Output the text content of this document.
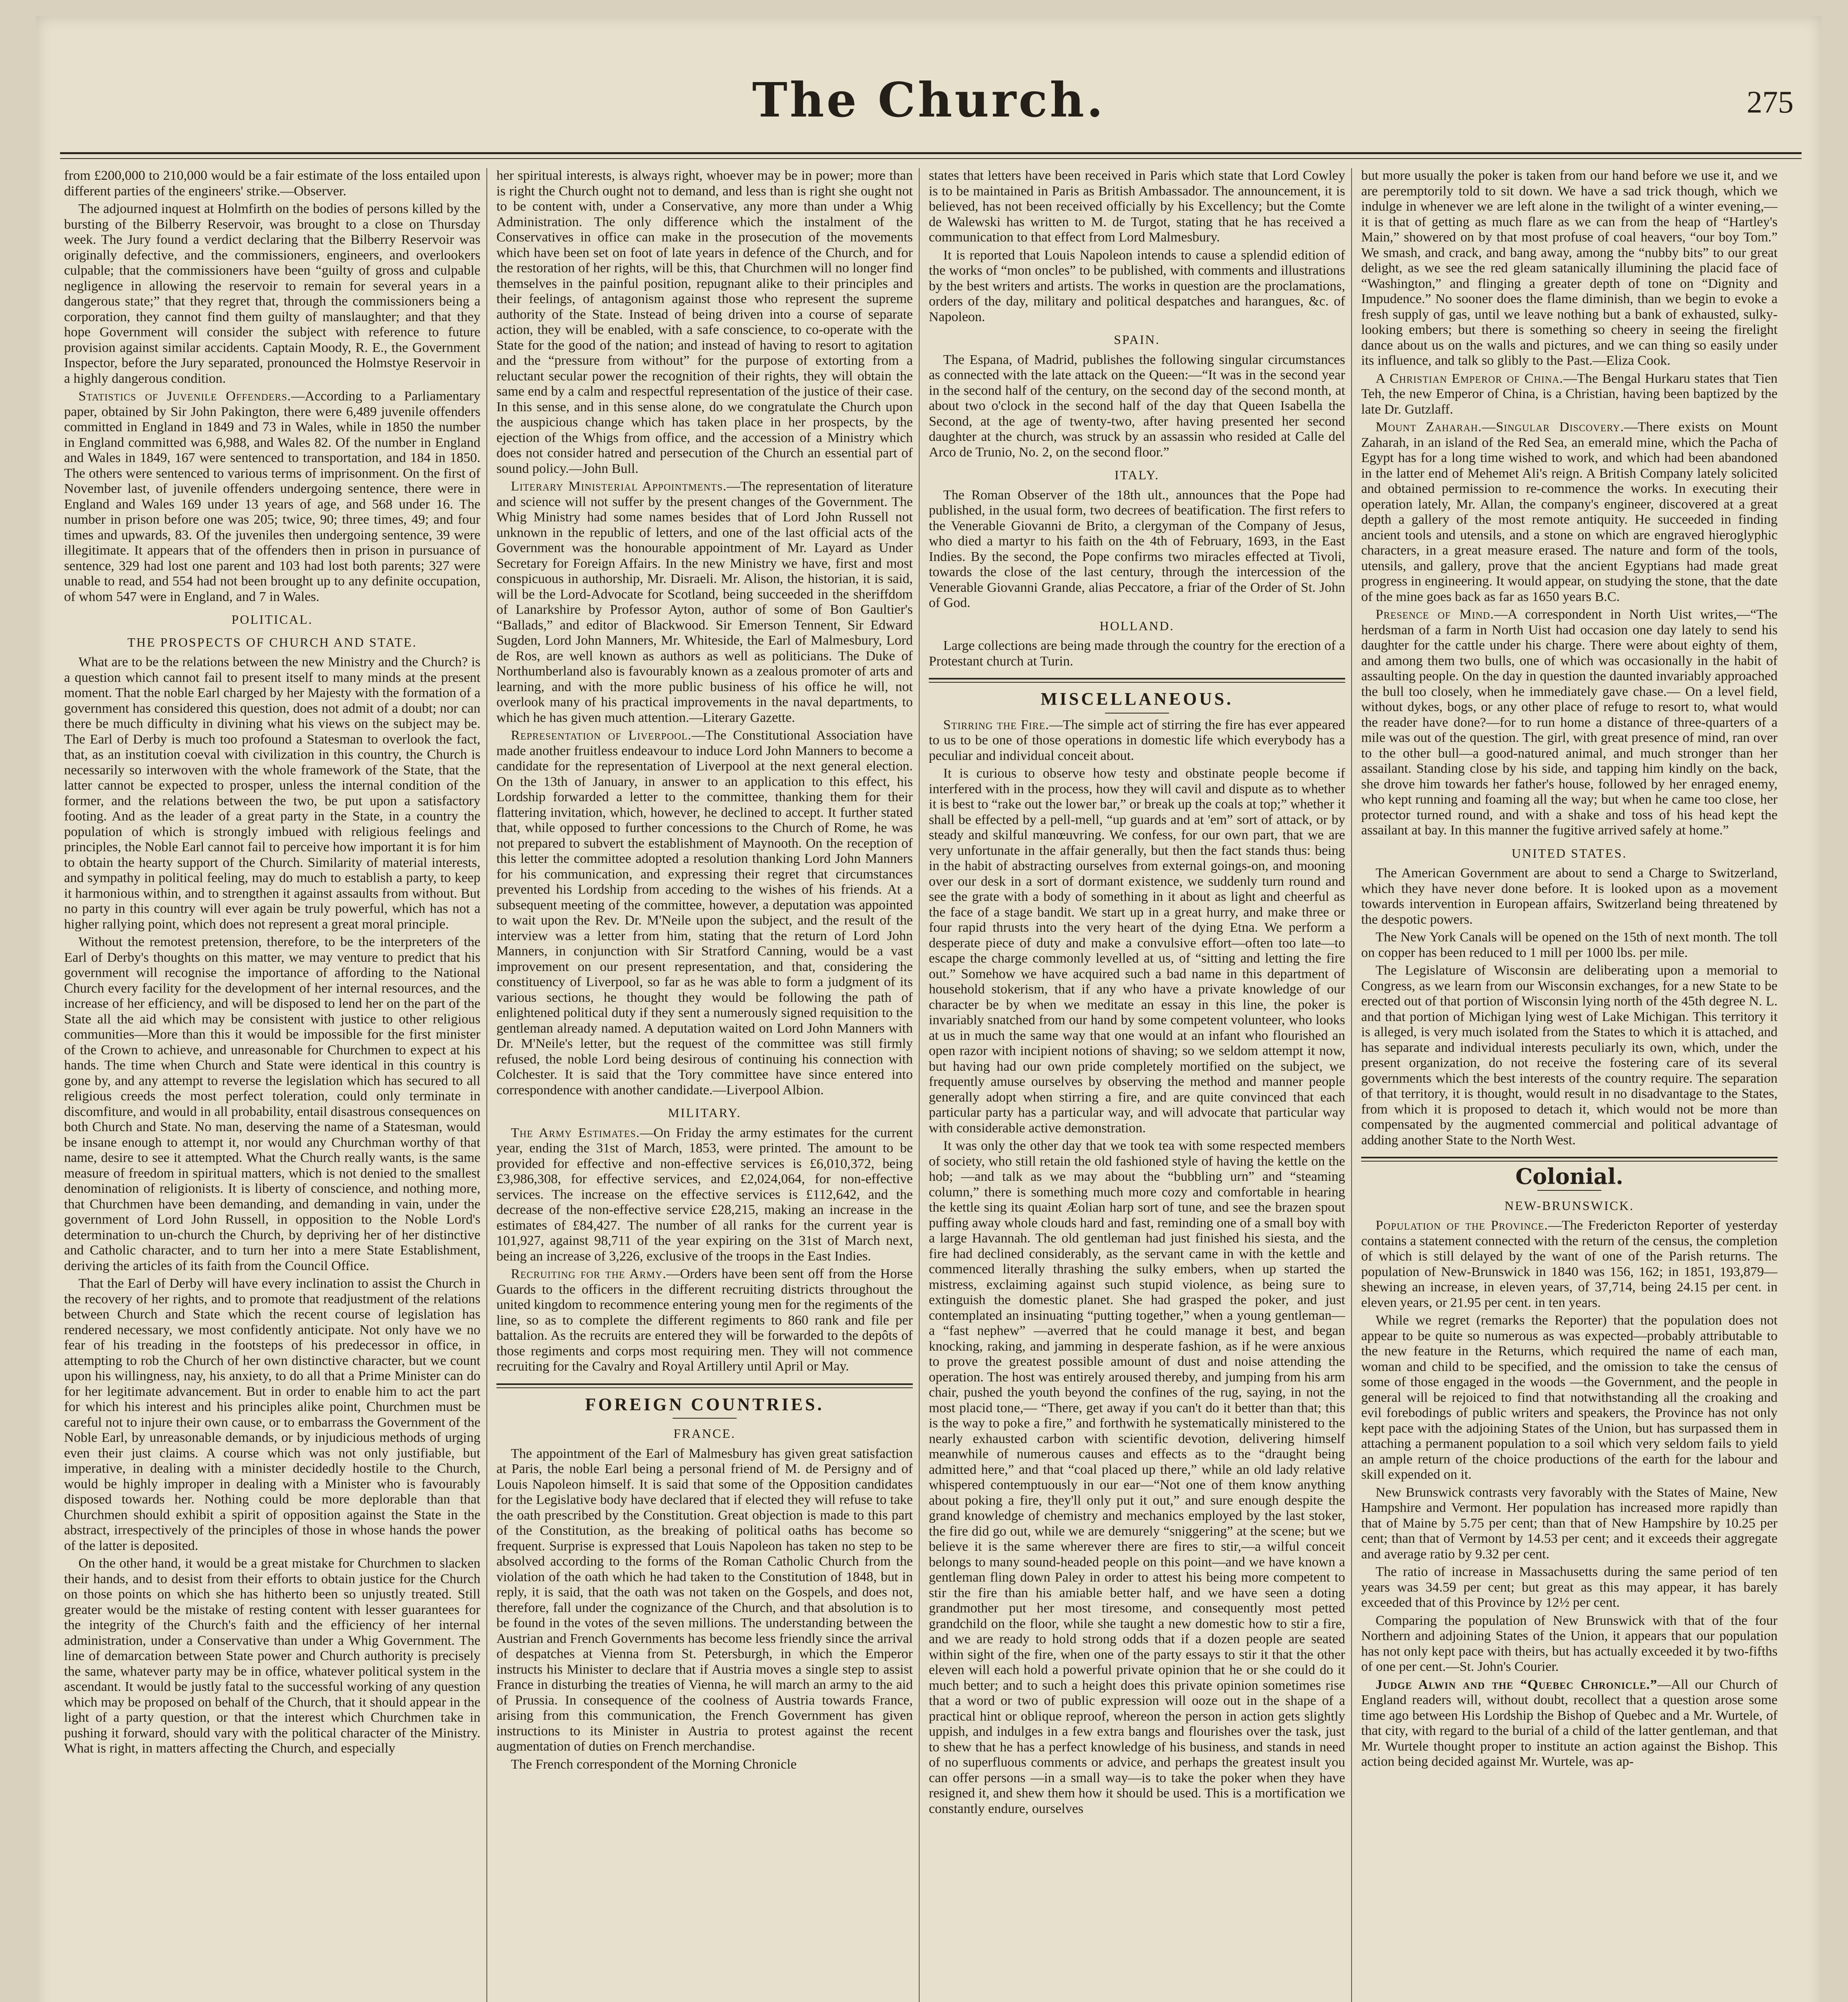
The Church.	275

from £200,000 to 210,000 would be a fair estimate of the loss entailed upon different parties of the engineers' strike.—Observer.

The adjourned inquest at Holmfirth on the bodies of persons killed by the bursting of the Bilberry Reservoir, was brought to a close on Thursday week. The Jury found a verdict declaring that the Bilberry Reservoir was originally defective, and the commissioners, engineers, and overlookers culpable; that the commissioners have been “guilty of gross and culpable negligence in allowing the reservoir to remain for several years in a dangerous state;” that they regret that, through the commissioners being a corporation, they cannot find them guilty of manslaughter; and that they hope Government will consider the subject with reference to future provision against similar accidents. Captain Moody, R. E., the Government Inspector, before the Jury separated, pronounced the Holmstye Reservoir in a highly dangerous condition.

Statistics of Juvenile Offenders.—According to a Parliamentary paper, obtained by Sir John Pakington, there were 6,489 juvenile offenders committed in England in 1849 and 73 in Wales, while in 1850 the number in England committed was 6,988, and Wales 82. Of the number in England and Wales in 1849, 167 were sentenced to transportation, and 184 in 1850. The others were sentenced to various terms of imprisonment. On the first of November last, of juvenile offenders undergoing sentence, there were in England and Wales 169 under 13 years of age, and 568 under 16. The number in prison before one was 205; twice, 90; three times, 49; and four times and upwards, 83. Of the juveniles then undergoing sentence, 39 were illegitimate. It appears that of the offenders then in prison in pursuance of sentence, 329 had lost one parent and 103 had lost both parents; 327 were unable to read, and 554 had not been brought up to any definite occupation, of whom 547 were in England, and 7 in Wales.

POLITICAL.
THE PROSPECTS OF CHURCH AND STATE.

What are to be the relations between the new Ministry and the Church? is a question which cannot fail to present itself to many minds at the present moment. That the noble Earl charged by her Majesty with the formation of a government has considered this question, does not admit of a doubt; nor can there be much difficulty in divining what his views on the subject may be. The Earl of Derby is much too profound a Statesman to overlook the fact, that, as an institution coeval with civilization in this country, the Church is necessarily so interwoven with the whole framework of the State, that the latter cannot be expected to prosper, unless the internal condition of the former, and the relations between the two, be put upon a satisfactory footing. And as the leader of a great party in the State, in a country the population of which is strongly imbued with religious feelings and principles, the Noble Earl cannot fail to perceive how important it is for him to obtain the hearty support of the Church. Similarity of material interests, and sympathy in political feeling, may do much to establish a party, to keep it harmonious within, and to strengthen it against assaults from without. But no party in this country will ever again be truly powerful, which has not a higher rallying point, which does not represent a great moral principle.

Without the remotest pretension, therefore, to be the interpreters of the Earl of Derby's thoughts on this matter, we may venture to predict that his government will recognise the importance of affording to the National Church every facility for the development of her internal resources, and the increase of her efficiency, and will be disposed to lend her on the part of the State all the aid which may be consistent with justice to other religious communities—More than this it would be impossible for the first minister of the Crown to achieve, and unreasonable for Churchmen to expect at his hands. The time when Church and State were identical in this country is gone by, and any attempt to reverse the legislation which has secured to all religious creeds the most perfect toleration, could only terminate in discomfiture, and would in all probability, entail disastrous consequences on both Church and State. No man, deserving the name of a Statesman, would be insane enough to attempt it, nor would any Churchman worthy of that name, desire to see it attempted. What the Church really wants, is the same measure of freedom in spiritual matters, which is not denied to the smallest denomination of religionists. It is liberty of conscience, and nothing more, that Churchmen have been demanding, and demanding in vain, under the government of Lord John Russell, in opposition to the Noble Lord's determination to un-church the Church, by depriving her of her distinctive and Catholic character, and to turn her into a mere State Establishment, deriving the articles of its faith from the Council Office.

That the Earl of Derby will have every inclination to assist the Church in the recovery of her rights, and to promote that readjustment of the relations between Church and State which the recent course of legislation has rendered necessary, we most confidently anticipate. Not only have we no fear of his treading in the footsteps of his predecessor in office, in attempting to rob the Church of her own distinctive character, but we count upon his willingness, nay, his anxiety, to do all that a Prime Minister can do for her legitimate advancement. But in order to enable him to act the part for which his interest and his principles alike point, Churchmen must be careful not to injure their own cause, or to embarrass the Government of the Noble Earl, by unreasonable demands, or by injudicious methods of urging even their just claims. A course which was not only justifiable, but imperative, in dealing with a minister decidedly hostile to the Church, would be highly improper in dealing with a Minister who is favourably disposed towards her. Nothing could be more deplorable than that Churchmen should exhibit a spirit of opposition against the State in the abstract, irrespectively of the principles of those in whose hands the power of the latter is deposited.

On the other hand, it would be a great mistake for Churchmen to slacken their hands, and to desist from their efforts to obtain justice for the Church on those points on which she has hitherto been so unjustly treated. Still greater would be the mistake of resting content with lesser guarantees for the integrity of the Church's faith and the efficiency of her internal administration, under a Conservative than under a Whig Government. The line of demarcation between State power and Church authority is precisely the same, whatever party may be in office, whatever political system in the ascendant. It would be justly fatal to the successful working of any question which may be proposed on behalf of the Church, that it should appear in the light of a party question, or that the interest which Churchmen take in pushing it forward, should vary with the political character of the Ministry. What is right, in matters affecting the Church, and especially

her spiritual interests, is always right, whoever may be in power; more than is right the Church ought not to demand, and less than is right she ought not to be content with, under a Conservative, any more than under a Whig Administration. The only difference which the instalment of the Conservatives in office can make in the prosecution of the movements which have been set on foot of late years in defence of the Church, and for the restoration of her rights, will be this, that Churchmen will no longer find themselves in the painful position, repugnant alike to their principles and their feelings, of antagonism against those who represent the supreme authority of the State. Instead of being driven into a course of separate action, they will be enabled, with a safe conscience, to co-operate with the State for the good of the nation; and instead of having to resort to agitation and the “pressure from without” for the purpose of extorting from a reluctant secular power the recognition of their rights, they will obtain the same end by a calm and respectful representation of the justice of their case. In this sense, and in this sense alone, do we congratulate the Church upon the auspicious change which has taken place in her prospects, by the ejection of the Whigs from office, and the accession of a Ministry which does not consider hatred and persecution of the Church an essential part of sound policy.—John Bull.

Literary Ministerial Appointments.—The representation of literature and science will not suffer by the present changes of the Government. The Whig Ministry had some names besides that of Lord John Russell not unknown in the republic of letters, and one of the last official acts of the Government was the honourable appointment of Mr. Layard as Under Secretary for Foreign Affairs. In the new Ministry we have, first and most conspicuous in authorship, Mr. Disraeli. Mr. Alison, the historian, it is said, will be the Lord-Advocate for Scotland, being succeeded in the sheriffdom of Lanarkshire by Professor Ayton, author of some of Bon Gaultier's “Ballads,” and editor of Blackwood. Sir Emerson Tennent, Sir Edward Sugden, Lord John Manners, Mr. Whiteside, the Earl of Malmesbury, Lord de Ros, are well known as authors as well as politicians. The Duke of Northumberland also is favourably known as a zealous promoter of arts and learning, and with the more public business of his office he will, not overlook many of his practical improvements in the naval departments, to which he has given much attention.—Literary Gazette.

Representation of Liverpool.—The Constitutional Association have made another fruitless endeavour to induce Lord John Manners to become a candidate for the representation of Liverpool at the next general election. On the 13th of January, in answer to an application to this effect, his Lordship forwarded a letter to the committee, thanking them for their flattering invitation, which, however, he declined to accept. It further stated that, while opposed to further concessions to the Church of Rome, he was not prepared to subvert the establishment of Maynooth. On the reception of this letter the committee adopted a resolution thanking Lord John Manners for his communication, and expressing their regret that circumstances prevented his Lordship from acceding to the wishes of his friends. At a subsequent meeting of the committee, however, a deputation was appointed to wait upon the Rev. Dr. M'Neile upon the subject, and the result of the interview was a letter from him, stating that the return of Lord John Manners, in conjunction with Sir Stratford Canning, would be a vast improvement on our present representation, and that, considering the constituency of Liverpool, so far as he was able to form a judgment of its various sections, he thought they would be following the path of enlightened political duty if they sent a numerously signed requisition to the gentleman already named. A deputation waited on Lord John Manners with Dr. M'Neile's letter, but the request of the committee was still firmly refused, the noble Lord being desirous of continuing his connection with Colchester. It is said that the Tory committee have since entered into correspondence with another candidate.—Liverpool Albion.

MILITARY.

The Army Estimates.—On Friday the army estimates for the current year, ending the 31st of March, 1853, were printed. The amount to be provided for effective and non-effective services is £6,010,372, being £3,986,308, for effective services, and £2,024,064, for non-effective services. The increase on the effective services is £112,642, and the decrease of the non-effective service £28,215, making an increase in the estimates of £84,427. The number of all ranks for the current year is 101,927, against 98,711 of the year expiring on the 31st of March next, being an increase of 3,226, exclusive of the troops in the East Indies.

Recruiting for the Army.—Orders have been sent off from the Horse Guards to the officers in the different recruiting districts throughout the united kingdom to recommence entering young men for the regiments of the line, so as to complete the different regiments to 860 rank and file per battalion. As the recruits are entered they will be forwarded to the depôts of those regiments and corps most requiring men. They will not commence recruiting for the Cavalry and Royal Artillery until April or May.

FOREIGN COUNTRIES.
FRANCE.

The appointment of the Earl of Malmesbury has given great satisfaction at Paris, the noble Earl being a personal friend of M. de Persigny and of Louis Napoleon himself. It is said that some of the Opposition candidates for the Legislative body have declared that if elected they will refuse to take the oath prescribed by the Constitution. Great objection is made to this part of the Constitution, as the breaking of political oaths has become so frequent. Surprise is expressed that Louis Napoleon has taken no step to be absolved according to the forms of the Roman Catholic Church from the violation of the oath which he had taken to the Constitution of 1848, but in reply, it is said, that the oath was not taken on the Gospels, and does not, therefore, fall under the cognizance of the Church, and that absolution is to be found in the votes of the seven millions. The understanding between the Austrian and French Governments has become less friendly since the arrival of despatches at Vienna from St. Petersburgh, in which the Emperor instructs his Minister to declare that if Austria moves a single step to assist France in disturbing the treaties of Vienna, he will march an army to the aid of Prussia. In consequence of the coolness of Austria towards France, arising from this communication, the French Government has given instructions to its Minister in Austria to protest against the recent augmentation of duties on French merchandise.

The French correspondent of the Morning Chronicle

states that letters have been received in Paris which state that Lord Cowley is to be maintained in Paris as British Ambassador. The announcement, it is believed, has not been received officially by his Excellency; but the Comte de Walewski has written to M. de Turgot, stating that he has received a communication to that effect from Lord Malmesbury.

It is reported that Louis Napoleon intends to cause a splendid edition of the works of “mon oncles” to be published, with comments and illustrations by the best writers and artists. The works in question are the proclamations, orders of the day, military and political despatches and harangues, &c. of Napoleon.

SPAIN.

The Espana, of Madrid, publishes the following singular circumstances as connected with the late attack on the Queen:—“It was in the second year in the second half of the century, on the second day of the second month, at about two o'clock in the second half of the day that Queen Isabella the Second, at the age of twenty-two, after having presented her second daughter at the church, was struck by an assassin who resided at Calle del Arco de Trunio, No. 2, on the second floor.”

ITALY.

The Roman Observer of the 18th ult., announces that the Pope had published, in the usual form, two decrees of beatification. The first refers to the Venerable Giovanni de Brito, a clergyman of the Company of Jesus, who died a martyr to his faith on the 4th of February, 1693, in the East Indies. By the second, the Pope confirms two miracles effected at Tivoli, towards the close of the last century, through the intercession of the Venerable Giovanni Grande, alias Peccatore, a friar of the Order of St. John of God.

HOLLAND.

Large collections are being made through the country for the erection of a Protestant church at Turin.

MISCELLANEOUS.

Stirring the Fire.—The simple act of stirring the fire has ever appeared to us to be one of those operations in domestic life which everybody has a peculiar and individual conceit about.

It is curious to observe how testy and obstinate people become if interfered with in the process, how they will cavil and dispute as to whether it is best to “rake out the lower bar,” or break up the coals at top;” whether it shall be effected by a pell-mell, “up guards and at 'em” sort of attack, or by steady and skilful manœuvring. We confess, for our own part, that we are very unfortunate in the affair generally, but then the fact stands thus: being in the habit of abstracting ourselves from external goings-on, and mooning over our desk in a sort of dormant existence, we suddenly turn round and see the grate with a body of something in it about as light and cheerful as the face of a stage bandit. We start up in a great hurry, and make three or four rapid thrusts into the very heart of the dying Etna. We perform a desperate piece of duty and make a convulsive effort—often too late—to escape the charge commonly levelled at us, of “sitting and letting the fire out.” Somehow we have acquired such a bad name in this department of household stokerism, that if any who have a private knowledge of our character be by when we meditate an essay in this line, the poker is invariably snatched from our hand by some competent volunteer, who looks at us in much the same way that one would at an infant who flourished an open razor with incipient notions of shaving; so we seldom attempt it now, but having had our own pride completely mortified on the subject, we frequently amuse ourselves by observing the method and manner people generally adopt when stirring a fire, and are quite convinced that each particular party has a particular way, and will advocate that particular way with considerable active demonstration.

It was only the other day that we took tea with some respected members of society, who still retain the old fashioned style of having the kettle on the hob; —and talk as we may about the “bubbling urn” and “steaming column,” there is something much more cozy and comfortable in hearing the kettle sing its quaint Æolian harp sort of tune, and see the brazen spout puffing away whole clouds hard and fast, reminding one of a small boy with a large Havannah. The old gentleman had just finished his siesta, and the fire had declined considerably, as the servant came in with the kettle and commenced literally thrashing the sulky embers, when up started the mistress, exclaiming against such stupid violence, as being sure to extinguish the domestic planet. She had grasped the poker, and just contemplated an insinuating “putting together,” when a young gentleman—a “fast nephew” —averred that he could manage it best, and began knocking, raking, and jamming in desperate fashion, as if he were anxious to prove the greatest possible amount of dust and noise attending the operation. The host was entirely aroused thereby, and jumping from his arm chair, pushed the youth beyond the confines of the rug, saying, in not the most placid tone,— “There, get away if you can't do it better than that; this is the way to poke a fire,” and forthwith he systematically ministered to the nearly exhausted carbon with scientific devotion, delivering himself meanwhile of numerous causes and effects as to the “draught being admitted here,” and that “coal placed up there,” while an old lady relative whispered contemptuously in our ear—“Not one of them know anything about poking a fire, they'll only put it out,” and sure enough despite the grand knowledge of chemistry and mechanics employed by the last stoker, the fire did go out, while we are demurely “sniggering” at the scene; but we believe it is the same wherever there are fires to stir,—a wilful conceit belongs to many sound-headed people on this point—and we have known a gentleman fling down Paley in order to attest his being more competent to stir the fire than his amiable better half, and we have seen a doting grandmother put her most tiresome, and consequently most petted grandchild on the floor, while she taught a new domestic how to stir a fire, and we are ready to hold strong odds that if a dozen people are seated within sight of the fire, when one of the party essays to stir it that the other eleven will each hold a powerful private opinion that he or she could do it much better; and to such a height does this private opinion sometimes rise that a word or two of public expression will ooze out in the shape of a practical hint or oblique reproof, whereon the person in action gets slightly uppish, and indulges in a few extra bangs and flourishes over the task, just to shew that he has a perfect knowledge of his business, and stands in need of no superfluous comments or advice, and perhaps the greatest insult you can offer persons —in a small way—is to take the poker when they have resigned it, and shew them how it should be used. This is a mortification we constantly endure, ourselves

but more usually the poker is taken from our hand before we use it, and we are peremptorily told to sit down. We have a sad trick though, which we indulge in whenever we are left alone in the twilight of a winter evening,—it is that of getting as much flare as we can from the heap of “Hartley's Main,” showered on by that most profuse of coal heavers, “our boy Tom.” We smash, and crack, and bang away, among the “nubby bits” to our great delight, as we see the red gleam satanically illumining the placid face of “Washington,” and flinging a greater depth of tone on “Dignity and Impudence.” No sooner does the flame diminish, than we begin to evoke a fresh supply of gas, until we leave nothing but a bank of exhausted, sulky-looking embers; but there is something so cheery in seeing the firelight dance about us on the walls and pictures, and we can thing so easily under its influence, and talk so glibly to the Past.—Eliza Cook.

A Christian Emperor of China.—The Bengal Hurkaru states that Tien Teh, the new Emperor of China, is a Christian, having been baptized by the late Dr. Gutzlaff.

Mount Zaharah.—Singular Discovery.—There exists on Mount Zaharah, in an island of the Red Sea, an emerald mine, which the Pacha of Egypt has for a long time wished to work, and which had been abandoned in the latter end of Mehemet Ali's reign. A British Company lately solicited and obtained permission to re-commence the works. In executing their operation lately, Mr. Allan, the company's engineer, discovered at a great depth a gallery of the most remote antiquity. He succeeded in finding ancient tools and utensils, and a stone on which are engraved hieroglyphic characters, in a great measure erased. The nature and form of the tools, utensils, and gallery, prove that the ancient Egyptians had made great progress in engineering. It would appear, on studying the stone, that the date of the mine goes back as far as 1650 years B.C.

Presence of Mind.—A correspondent in North Uist writes,—“The herdsman of a farm in North Uist had occasion one day lately to send his daughter for the cattle under his charge. There were about eighty of them, and among them two bulls, one of which was occasionally in the habit of assaulting people. On the day in question the daunted invariably approached the bull too closely, when he immediately gave chase.— On a level field, without dykes, bogs, or any other place of refuge to resort to, what would the reader have done?—for to run home a distance of three-quarters of a mile was out of the question. The girl, with great presence of mind, ran over to the other bull—a good-natured animal, and much stronger than her assailant. Standing close by his side, and tapping him kindly on the back, she drove him towards her father's house, followed by her enraged enemy, who kept running and foaming all the way; but when he came too close, her protector turned round, and with a shake and toss of his head kept the assailant at bay. In this manner the fugitive arrived safely at home.”

UNITED STATES.

The American Government are about to send a Charge to Switzerland, which they have never done before. It is looked upon as a movement towards intervention in European affairs, Switzerland being threatened by the despotic powers.

The New York Canals will be opened on the 15th of next month. The toll on copper has been reduced to 1 mill per 1000 lbs. per mile.

The Legislature of Wisconsin are deliberating upon a memorial to Congress, as we learn from our Wisconsin exchanges, for a new State to be erected out of that portion of Wisconsin lying north of the 45th degree N. L. and that portion of Michigan lying west of Lake Michigan. This territory it is alleged, is very much isolated from the States to which it is attached, and has separate and individual interests peculiarly its own, which, under the present organization, do not receive the fostering care of its several governments which the best interests of the country require. The separation of that territory, it is thought, would result in no disadvantage to the States, from which it is proposed to detach it, which would not be more than compensated by the augmented commercial and political advantage of adding another State to the North West.

Colonial.
NEW-BRUNSWICK.

Population of the Province.—The Fredericton Reporter of yesterday contains a statement connected with the return of the census, the completion of which is still delayed by the want of one of the Parish returns. The population of New-Brunswick in 1840 was 156, 162; in 1851, 193,879—shewing an increase, in eleven years, of 37,714, being 24.15 per cent. in eleven years, or 21.95 per cent. in ten years.

While we regret (remarks the Reporter) that the population does not appear to be quite so numerous as was expected—probably attributable to the new feature in the Returns, which required the name of each man, woman and child to be specified, and the omission to take the census of some of those engaged in the woods —the Government, and the people in general will be rejoiced to find that notwithstanding all the croaking and evil forebodings of public writers and speakers, the Province has not only kept pace with the adjoining States of the Union, but has surpassed them in attaching a permanent population to a soil which very seldom fails to yield an ample return of the choice productions of the earth for the labour and skill expended on it.

New Brunswick contrasts very favorably with the States of Maine, New Hampshire and Vermont. Her population has increased more rapidly than that of Maine by 5.75 per cent; than that of New Hampshire by 10.25 per cent; than that of Vermont by 14.53 per cent; and it exceeds their aggregate and average ratio by 9.32 per cent.

The ratio of increase in Massachusetts during the same period of ten years was 34.59 per cent; but great as this may appear, it has barely exceeded that of this Province by 12½ per cent.

Comparing the population of New Brunswick with that of the four Northern and adjoining States of the Union, it appears that our population has not only kept pace with theirs, but has actually exceeded it by two-fifths of one per cent.—St. John's Courier.

Judge Alwin and the “Quebec Chronicle.”—All our Church of England readers will, without doubt, recollect that a question arose some time ago between His Lordship the Bishop of Quebec and a Mr. Wurtele, of that city, with regard to the burial of a child of the latter gentleman, and that Mr. Wurtele thought proper to institute an action against the Bishop. This action being decided against Mr. Wurtele, was ap-
